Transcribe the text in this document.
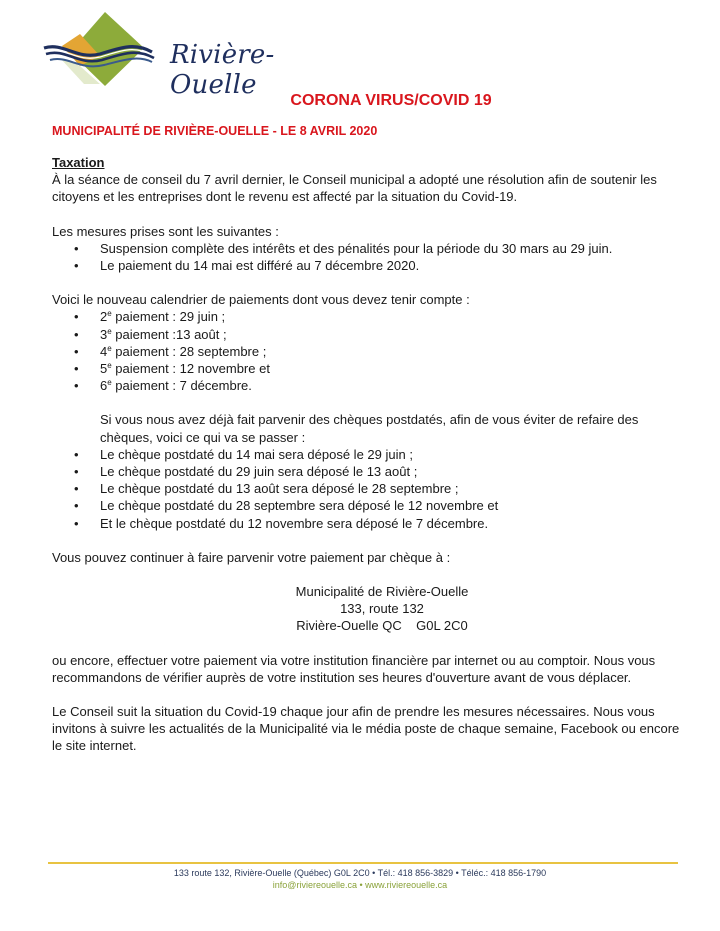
Rivière-Ouelle
CORONA VIRUS/COVID 19
MUNICIPALITÉ DE RIVIÈRE-OUELLE - LE 8 AVRIL 2020

Taxation

À la séance de conseil du 7 avril dernier, le Conseil municipal a adopté une résolution afin de soutenir les citoyens et les entreprises dont le revenu est affecté par la situation du Covid-19.

Les mesures prises sont les suivantes :

• Suspension complète des intérêts et des pénalités pour la période du 30 mars au 29 juin.
• Le paiement du 14 mai est différé au 7 décembre 2020.

Voici le nouveau calendrier de paiements dont vous devez tenir compte :

• 2e paiement : 29 juin ;
• 3e paiement :13 août ;
• 4e paiement : 28 septembre ;
• 5e paiement : 12 novembre et
• 6e paiement : 7 décembre.

Si vous nous avez déjà fait parvenir des chèques postdatés, afin de vous éviter de refaire des chèques, voici ce qui va se passer :

• Le chèque postdaté du 14 mai sera déposé le 29 juin ;
• Le chèque postdaté du 29 juin sera déposé le 13 août ;
• Le chèque postdaté du 13 août sera déposé le 28 septembre ;
• Le chèque postdaté du 28 septembre sera déposé le 12 novembre et
• Et le chèque postdaté du 12 novembre sera déposé le 7 décembre.

Vous pouvez continuer à faire parvenir votre paiement par chèque à :

Municipalité de Rivière-Ouelle

133, route 132

Rivière-Ouelle QC    G0L 2C0

ou encore, effectuer votre paiement via votre institution financière par internet ou au comptoir. Nous vous recommandons de vérifier auprès de votre institution ses heures d'ouverture avant de vous déplacer.

Le Conseil suit la situation du Covid-19 chaque jour afin de prendre les mesures nécessaires. Nous vous invitons à suivre les actualités de la Municipalité via le média poste de chaque semaine, Facebook ou encore le site internet.

133 route 132, Rivière-Ouelle (Québec) G0L 2C0 • Tél.: 418 856-3829 • Téléc.: 418 856-1790
info@riviereouelle.ca • www.riviereouelle.ca
